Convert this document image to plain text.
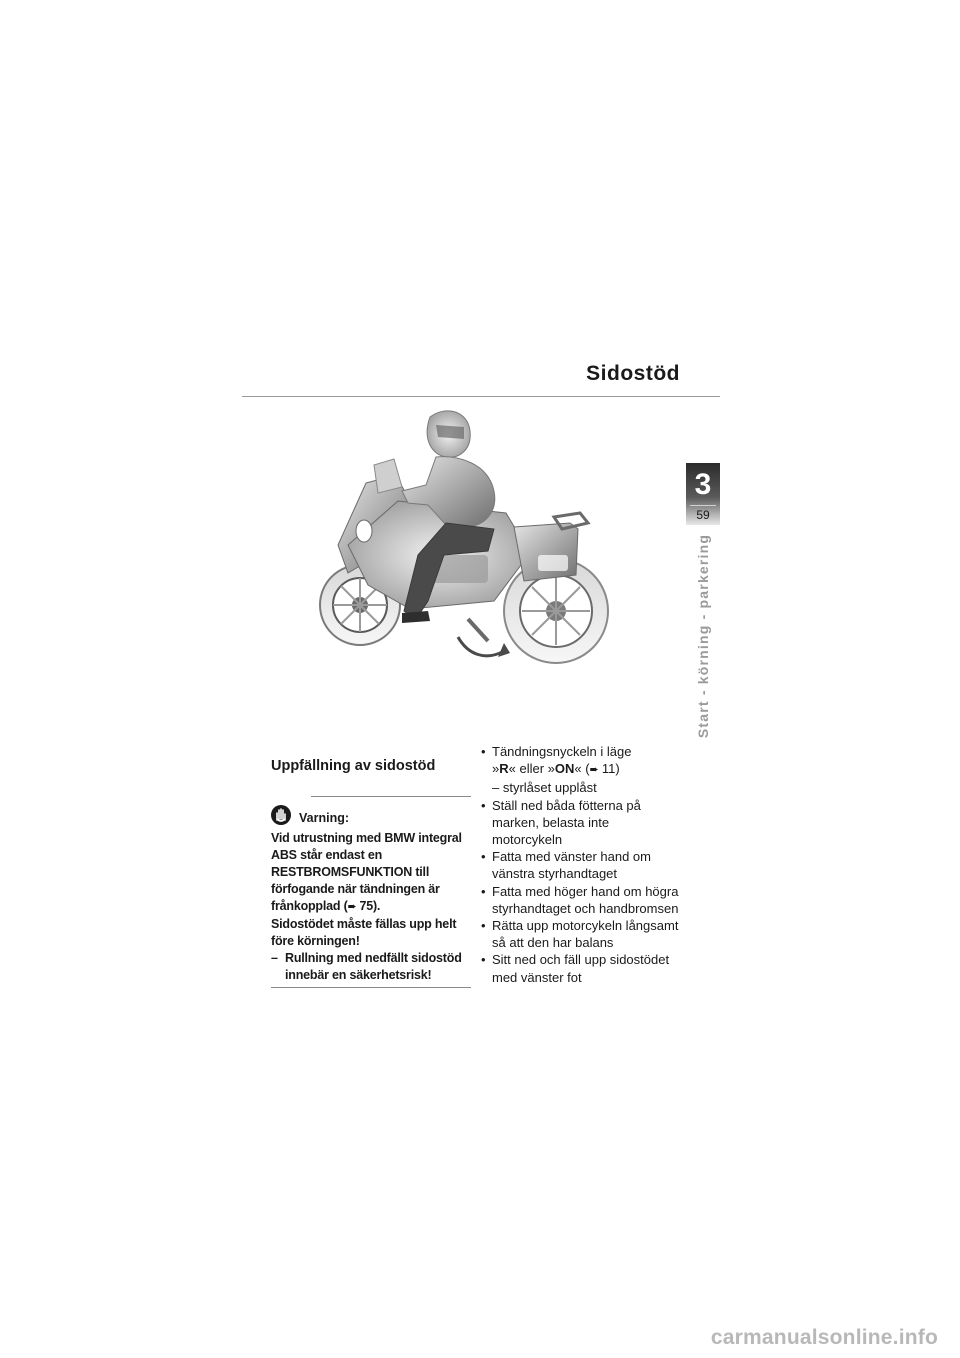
Sidostöd
3
59
Start - körning - parkering
Uppfällning av sidostöd
Varning:

Vid utrustning med BMW integral ABS står endast en RESTBROMSFUNKTION till förfogande när tändningen är frånkopplad (➨ 75).

Sidostödet måste fällas upp helt före körningen!

– Rullning med nedfällt sidostöd innebär en säkerhetsrisk!
• Tändningsnyckeln i läge
»R« eller »ON« (➨ 11)
– styrlåset upplåst
• Ställ ned båda fötterna på marken, belasta inte motorcykeln
• Fatta med vänster hand om vänstra styrhandtaget
• Fatta med höger hand om högra styrhandtaget och handbromsen
• Rätta upp motorcykeln långsamt så att den har balans
• Sitt ned och fäll upp sidostödet med vänster fot
carmanualsonline.info
